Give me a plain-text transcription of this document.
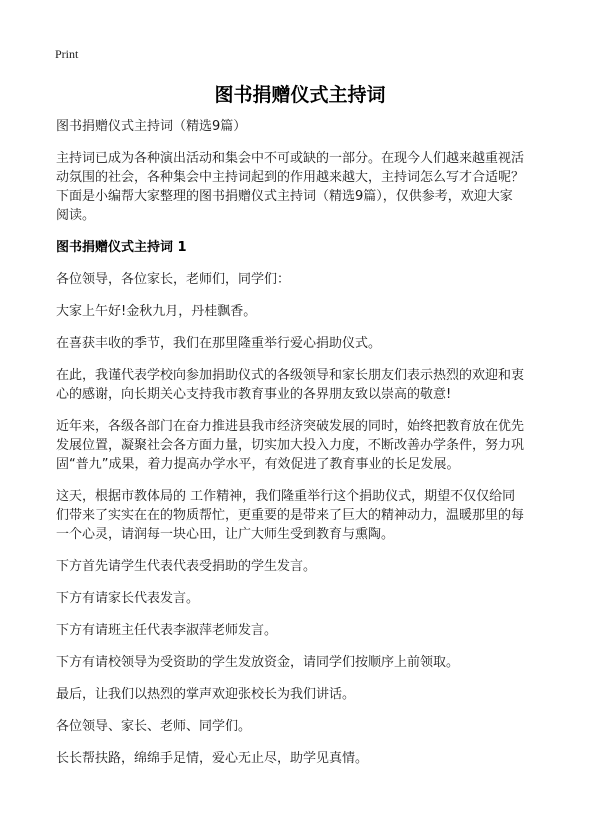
Print
图书捐赠仪式主持词

图书捐赠仪式主持词（精选9篇）

主持词已成为各种演出活动和集会中不可或缺的一部分。在现今人们越来越重视活
动氛围的社会，各种集会中主持词起到的作用越来越大，主持词怎么写才合适呢？
下面是小编帮大家整理的图书捐赠仪式主持词（精选9篇），仅供参考，欢迎大家
阅读。

图书捐赠仪式主持词 1

各位领导，各位家长，老师们，同学们：

大家上午好!金秋九月，丹桂飘香。

在喜获丰收的季节，我们在那里隆重举行爱心捐助仪式。

在此，我谨代表学校向参加捐助仪式的各级领导和家长朋友们表示热烈的欢迎和衷
心的感谢，向长期关心支持我市教育事业的各界朋友致以崇高的敬意!

近年来，各级各部门在奋力推进县我市经济突破发展的同时，始终把教育放在优先
发展位置，凝聚社会各方面力量，切实加大投入力度，不断改善办学条件，努力巩
固“普九”成果，着力提高办学水平，有效促进了教育事业的长足发展。

这天，根据市教体局的 工作精神，我们隆重举行这个捐助仪式，期望不仅仅给同
们带来了实实在在的物质帮忙，更重要的是带来了巨大的精神动力，温暖那里的每
一个心灵，请润每一块心田，让广大师生受到教育与熏陶。

下方首先请学生代表代表受捐助的学生发言。

下方有请家长代表发言。

下方有请班主任代表李淑萍老师发言。

下方有请校领导为受资助的学生发放资金，请同学们按顺序上前领取。

最后，让我们以热烈的掌声欢迎张校长为我们讲话。

各位领导、家长、老师、同学们。

长长帮扶路，绵绵手足情，爱心无止尽，助学见真情。
